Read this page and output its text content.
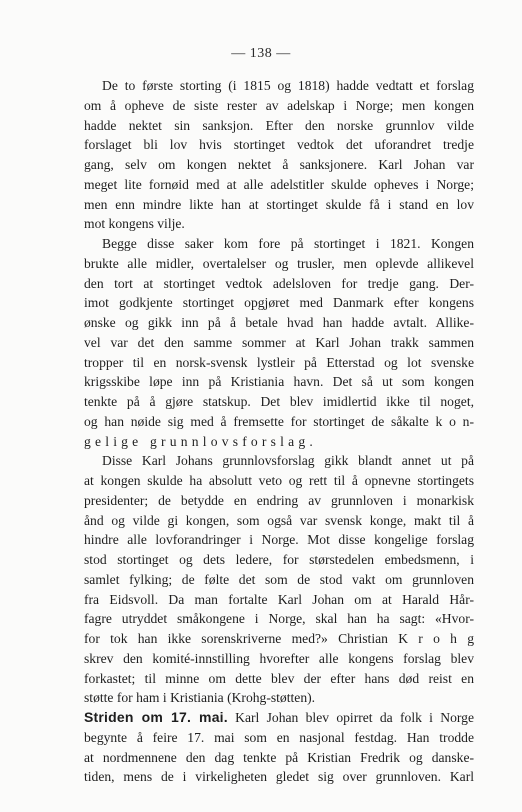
— 138 —
De to første storting (i 1815 og 1818) hadde vedtatt et forslag
om å opheve de siste rester av adelskap i Norge; men kongen
hadde nektet sin sanksjon. Efter den norske grunnlov vilde
forslaget bli lov hvis stortinget vedtok det uforandret tredje
gang, selv om kongen nektet å sanksjonere. Karl Johan var
meget lite fornøid med at alle adelstitler skulde opheves i Norge;
men enn mindre likte han at stortinget skulde få i stand en lov
mot kongens vilje.
Begge disse saker kom fore på stortinget i 1821. Kongen
brukte alle midler, overtalelser og trusler, men oplevde allikevel
den tort at stortinget vedtok adelsloven for tredje gang. Der-
imot godkjente stortinget opgjøret med Danmark efter kongens
ønske og gikk inn på å betale hvad han hadde avtalt. Allike-
vel var det den samme sommer at Karl Johan trakk sammen
tropper til en norsk-svensk lystleir på Etterstad og lot svenske
krigsskibe løpe inn på Kristiania havn. Det så ut som kongen
tenkte på å gjøre statskup. Det blev imidlertid ikke til noget,
og han nøide sig med å fremsette for stortinget de såkalte k o n-
gelige grunnlovsforslag.
Disse Karl Johans grunnlovsforslag gikk blandt annet ut på
at kongen skulde ha absolutt veto og rett til å opnevne stortingets
presidenter; de betydde en endring av grunnloven i monarkisk
ånd og vilde gi kongen, som også var svensk konge, makt til å
hindre alle lovforandringer i Norge. Mot disse kongelige forslag
stod stortinget og dets ledere, for størstedelen embedsmenn, i
samlet fylking; de følte det som de stod vakt om grunnloven
fra Eidsvoll. Da man fortalte Karl Johan om at Harald Hår-
fagre utryddet småkongene i Norge, skal han ha sagt: «Hvor-
for tok han ikke sorenskriverne med?» Christian K r o h g
skrev den komité-innstilling hvorefter alle kongens forslag blev
forkastet; til minne om dette blev der efter hans død reist en
støtte for ham i Kristiania (Krohg-støtten).
Striden om 17. mai. Karl Johan blev opirret da folk i Norge
begynte å feire 17. mai som en nasjonal festdag. Han trodde
at nordmennene den dag tenkte på Kristian Fredrik og danske-
tiden, mens de i virkeligheten gledet sig over grunnloven. Karl
